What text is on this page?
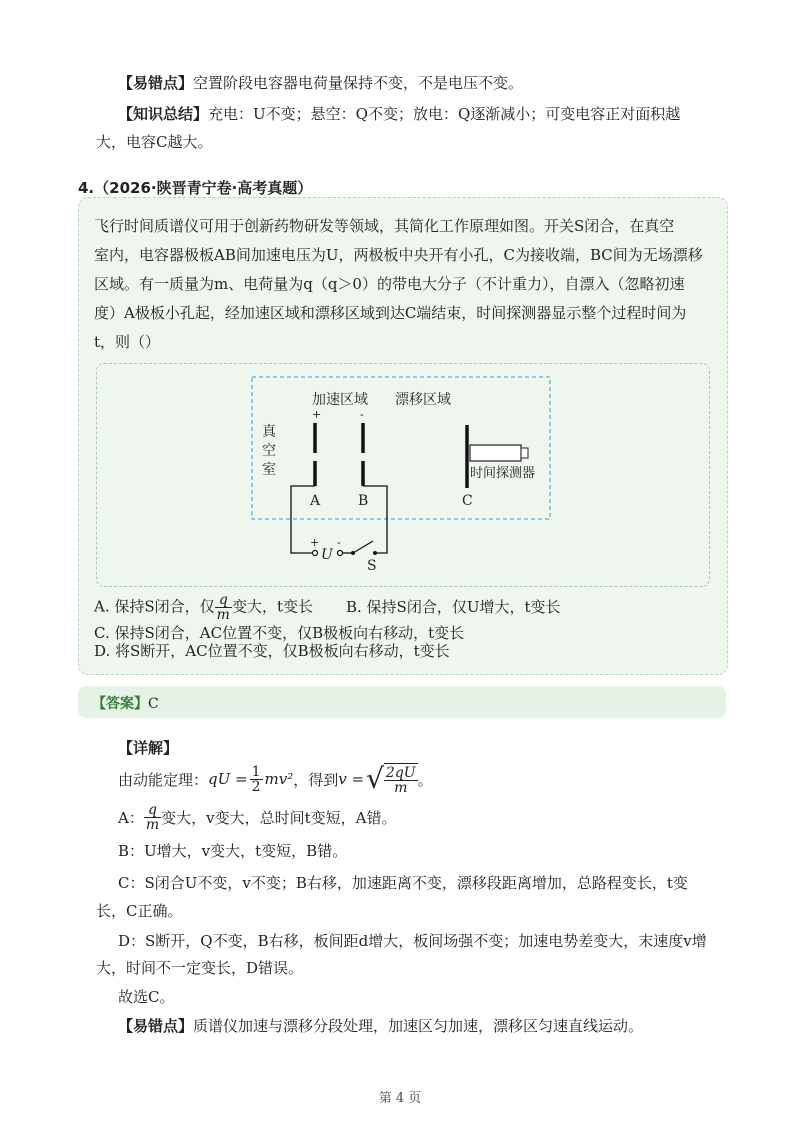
【易错点】空置阶段电容器电荷量保持不变，不是电压不变。
【知识总结】充电：U不变；悬空：Q不变；放电：Q逐渐减小；可变电容正对面积越
大，电容C越大。
4.（2026·陕晋青宁卷·高考真题）
飞行时间质谱仪可用于创新药物研发等领域，其简化工作原理如图。开关S闭合，在真空
室内，电容器极板AB间加速电压为U，两极板中央开有小孔，C为接收端，BC间为无场漂移
区域。有一质量为m、电荷量为q（q＞0）的带电大分子（不计重力），自漂入（忽略初速
度）A极板小孔起，经加速区域和漂移区域到达C端结束，时间探测器显示整个过程时间为
t，则（）
加速区域 漂移区域
+	-
真
空
室	时间探测器
A	B	C
+
U
-
S
A. 保持S闭合，仅 $\frac{q}{m}$ 变大，t变长 B. 保持S闭合，仅U增大，t变长
C. 保持S闭合，AC位置不变，仅B极板向右移动，t变长
D. 将S断开，AC位置不变，仅B极板向右移动，t变长
【答案】C
【详解】
由动能定理： qU = $\frac{1}{2} mv^2$ ，得到 v = √ $\frac{2qU}{m}$ 。
A： $\frac{q}{m}$ 变大，v变大，总时间t变短，A错。
B：U增大，v变大，t变短，B错。
C：S闭合U不变，v不变；B右移，加速距离不变，漂移段距离增加，总路程变长，t变
长，C正确。
D：S断开，Q不变，B右移，板间距d增大，板间场强不变；加速电势差变大，末速度v增
大，时间不一定变长，D错误。
故选C。
【易错点】质谱仪加速与漂移分段处理，加速区匀加速，漂移区匀速直线运动。
第 4 页
